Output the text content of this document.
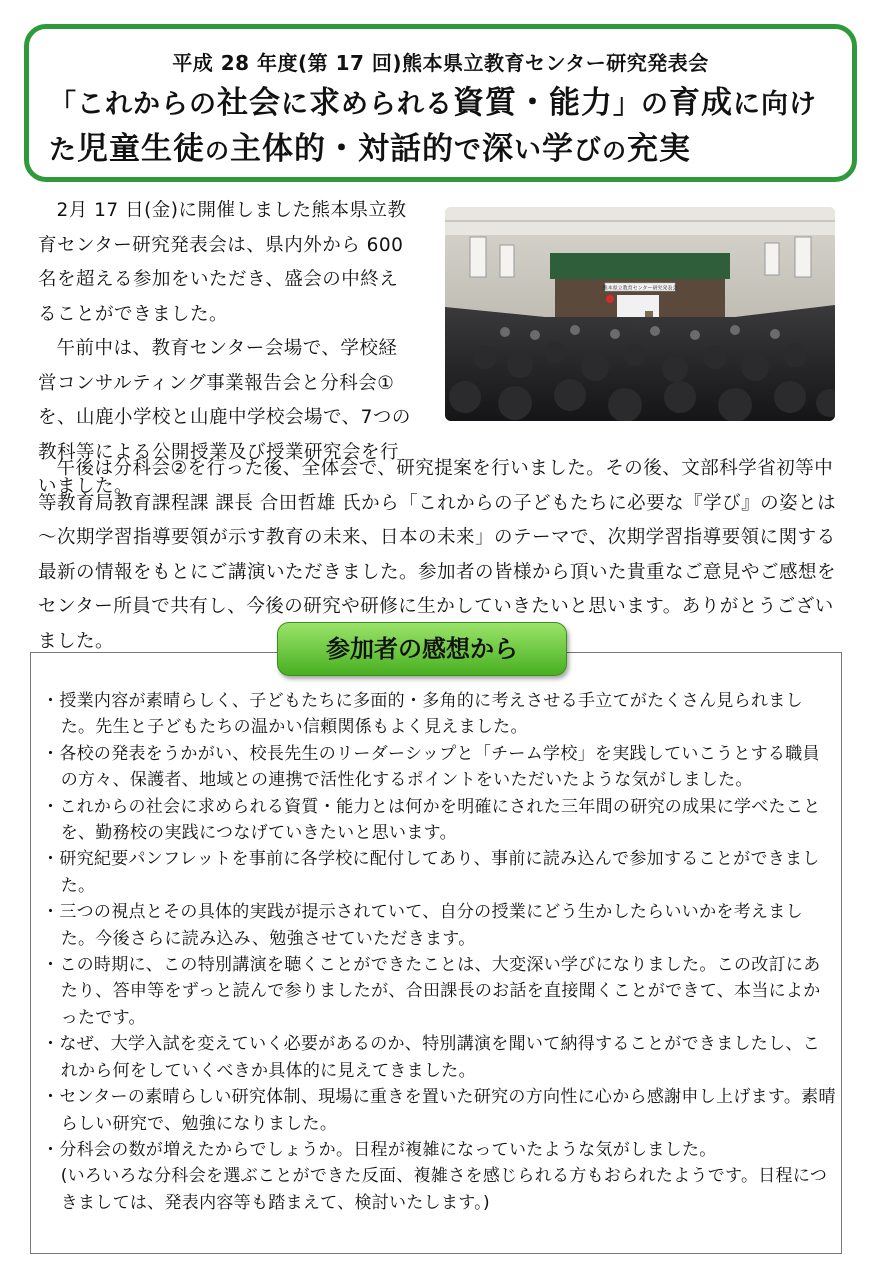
平成 28 年度(第 17 回)熊本県立教育センター研究発表会
「これからの社会に求められる資質・能力」の育成に向けた児童生徒の主体的・対話的で深い学びの充実

2月 17 日(金)に開催しました熊本県立教育センター研究発表会は、県内外から 600 名を超える参加をいただき、盛会の中終えることができました。

午前中は、教育センター会場で、学校経営コンサルティング事業報告会と分科会①を、山鹿小学校と山鹿中学校会場で、7つの教科等による公開授業及び授業研究会を行いました。

熊本県立教育センター研究発表会

午後は分科会②を行った後、全体会で、研究提案を行いました。その後、文部科学省初等中等教育局教育課程課 課長 合田哲雄 氏から「これからの子どもたちに必要な『学び』の姿とは～次期学習指導要領が示す教育の未来、日本の未来」のテーマで、次期学習指導要領に関する最新の情報をもとにご講演いただきました。参加者の皆様から頂いた貴重なご意見やご感想をセンター所員で共有し、今後の研究や研修に生かしていきたいと思います。ありがとうございました。	参加者の感想から
・ 授業内容が素晴らしく、子どもたちに多面的・多角的に考えさせる手立てがたくさん見られました。先生と子どもたちの温かい信頼関係もよく見えました。
・ 各校の発表をうかがい、校長先生のリーダーシップと「チーム学校」を実践していこうとする職員の方々、保護者、地域との連携で活性化するポイントをいただいたような気がしました。
・ これからの社会に求められる資質・能力とは何かを明確にされた三年間の研究の成果に学べたことを、勤務校の実践につなげていきたいと思います。
・ 研究紀要パンフレットを事前に各学校に配付してあり、事前に読み込んで参加することができました。
・ 三つの視点とその具体的実践が提示されていて、自分の授業にどう生かしたらいいかを考えました。今後さらに読み込み、勉強させていただきます。
・ この時期に、この特別講演を聴くことができたことは、大変深い学びになりました。この改訂にあたり、答申等をずっと読んで参りましたが、合田課長のお話を直接聞くことができて、本当によかったです。
・ なぜ、大学入試を変えていく必要があるのか、特別講演を聞いて納得することができましたし、これから何をしていくべきか具体的に見えてきました。
・ センターの素晴らしい研究体制、現場に重きを置いた研究の方向性に心から感謝申し上げます。素晴らしい研究で、勉強になりました。
・ 分科会の数が増えたからでしょうか。日程が複雑になっていたような気がしました。
(いろいろな分科会を選ぶことができた反面、複雑さを感じられる方もおられたようです。日程につきましては、発表内容等も踏まえて、検討いたします。)
